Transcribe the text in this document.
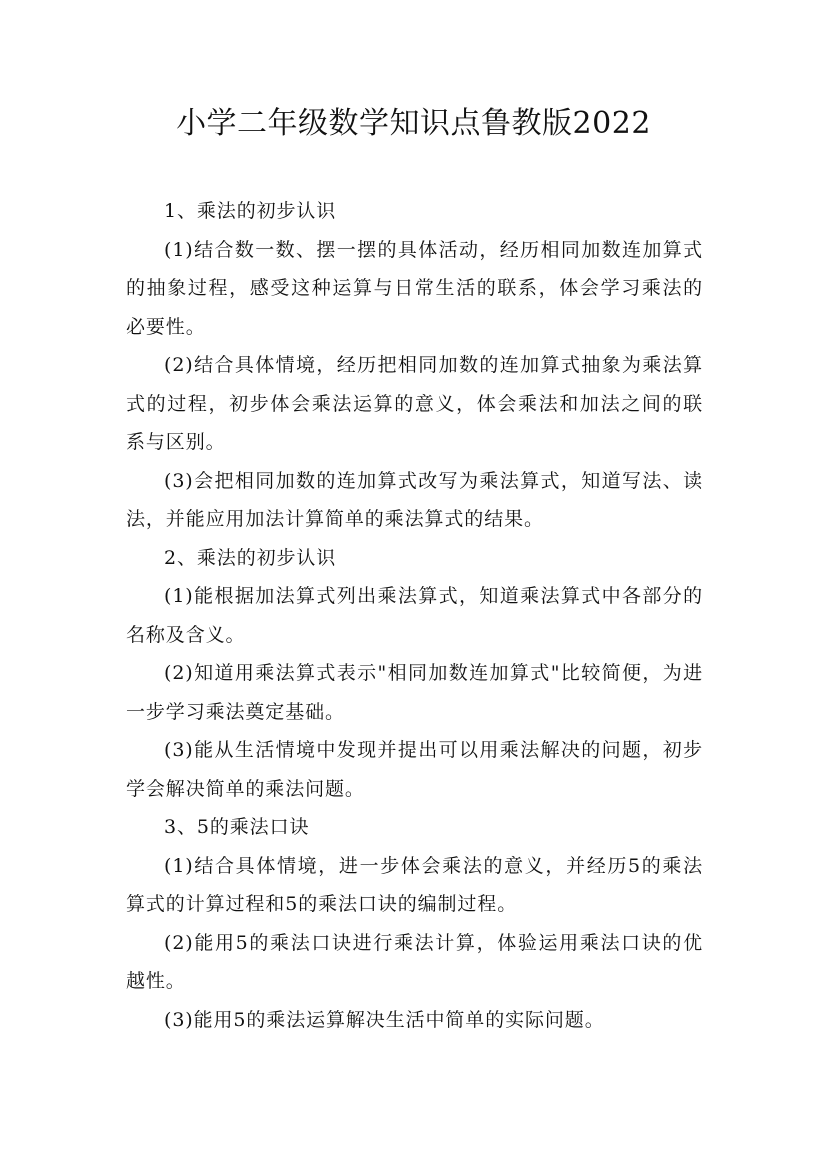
小学二年级数学知识点鲁教版2022

1、乘法的初步认识

(1)结合数一数、摆一摆的具体活动，经历相同加数连加算式的抽象过程，感受这种运算与日常生活的联系，体会学习乘法的必要性。

(2)结合具体情境，经历把相同加数的连加算式抽象为乘法算式的过程，初步体会乘法运算的意义，体会乘法和加法之间的联系与区别。

(3)会把相同加数的连加算式改写为乘法算式，知道写法、读法，并能应用加法计算简单的乘法算式的结果。

2、乘法的初步认识

(1)能根据加法算式列出乘法算式，知道乘法算式中各部分的名称及含义。

(2)知道用乘法算式表示"相同加数连加算式"比较简便，为进一步学习乘法奠定基础。

(3)能从生活情境中发现并提出可以用乘法解决的问题，初步学会解决简单的乘法问题。

3、5的乘法口诀

(1)结合具体情境，进一步体会乘法的意义，并经历5的乘法算式的计算过程和5的乘法口诀的编制过程。

(2)能用5的乘法口诀进行乘法计算，体验运用乘法口诀的优越性。

(3)能用5的乘法运算解决生活中简单的实际问题。
